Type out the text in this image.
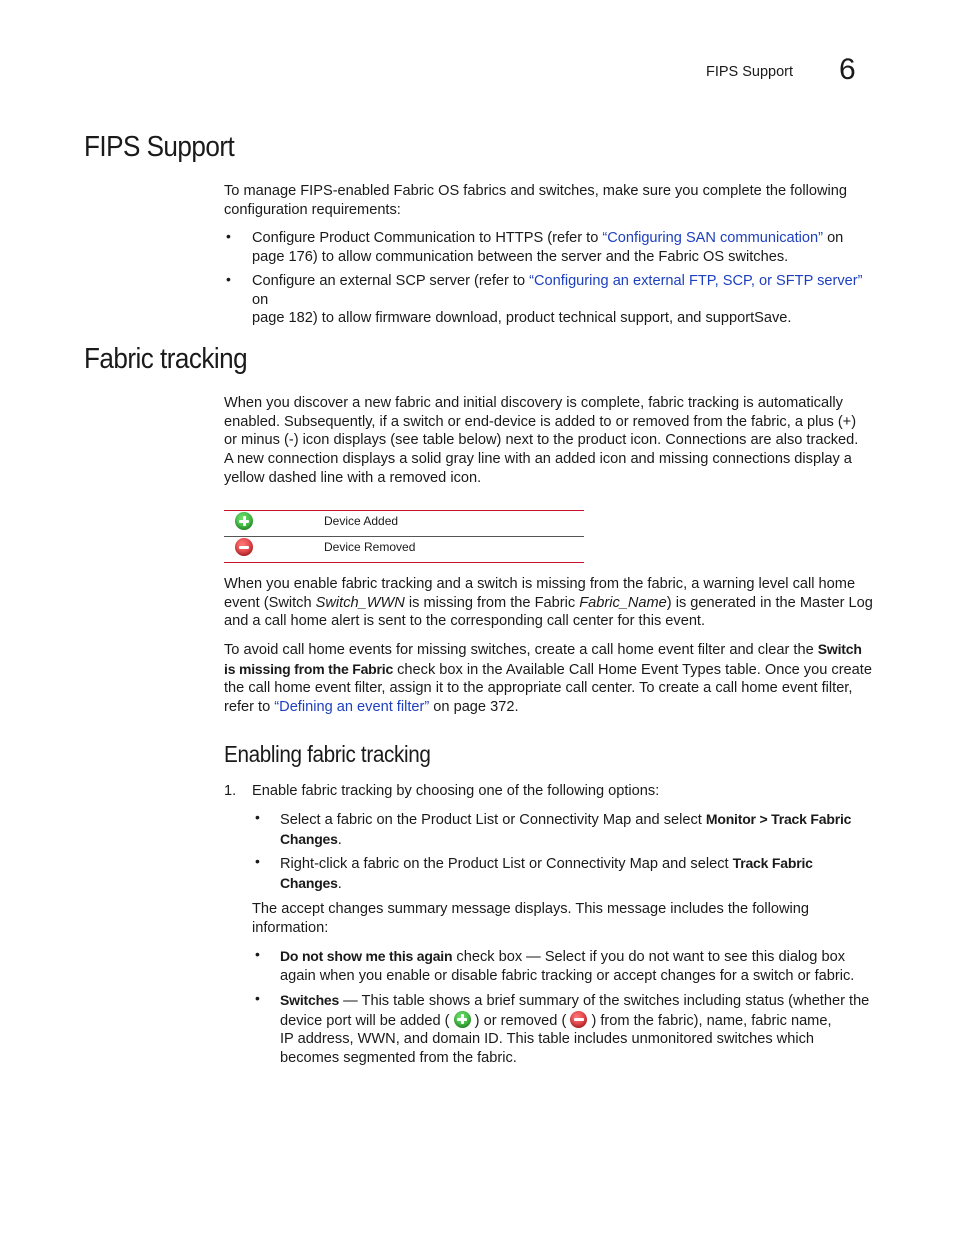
FIPS Support 6
FIPS Support

To manage FIPS-enabled Fabric OS fabrics and switches, make sure you complete the following configuration requirements:

• Configure Product Communication to HTTPS (refer to “Configuring SAN communication” on
page 176) to allow communication between the server and the Fabric OS switches.
• Configure an external SCP server (refer to “Configuring an external FTP, SCP, or SFTP server” on
page 182) to allow firmware download, product technical support, and supportSave.
Fabric tracking
When you discover a new fabric and initial discovery is complete, fabric tracking is automatically
enabled. Subsequently, if a switch or end-device is added to or removed from the fabric, a plus (+)
or minus (-) icon displays (see table below) next to the product icon. Connections are also tracked.
A new connection displays a solid gray line with an added icon and missing connections display a
yellow dashed line with a removed icon.
Device Added
Device Removed
When you enable fabric tracking and a switch is missing from the fabric, a warning level call home
event (Switch Switch_WWN is missing from the Fabric Fabric_Name) is generated in the Master Log
and a call home alert is sent to the corresponding call center for this event.
To avoid call home events for missing switches, create a call home event filter and clear the Switch
is missing from the Fabric check box in the Available Call Home Event Types table. Once you create
the call home event filter, assign it to the appropriate call center. To create a call home event filter,
refer to “Defining an event filter” on page 372.
Enabling fabric tracking
1. Enable fabric tracking by choosing one of the following options:
• Select a fabric on the Product List or Connectivity Map and select Monitor > Track Fabric
Changes.
• Right-click a fabric on the Product List or Connectivity Map and select Track Fabric
Changes.
The accept changes summary message displays. This message includes the following
information:
• Do not show me this again check box — Select if you do not want to see this dialog box
again when you enable or disable fabric tracking or accept changes for a switch or fabric.
• Switches — This table shows a brief summary of the switches including status (whether the
device port will be added ( ) or removed ( ) from the fabric), name, fabric name,
IP address, WWN, and domain ID. This table includes unmonitored switches which
becomes segmented from the fabric.
